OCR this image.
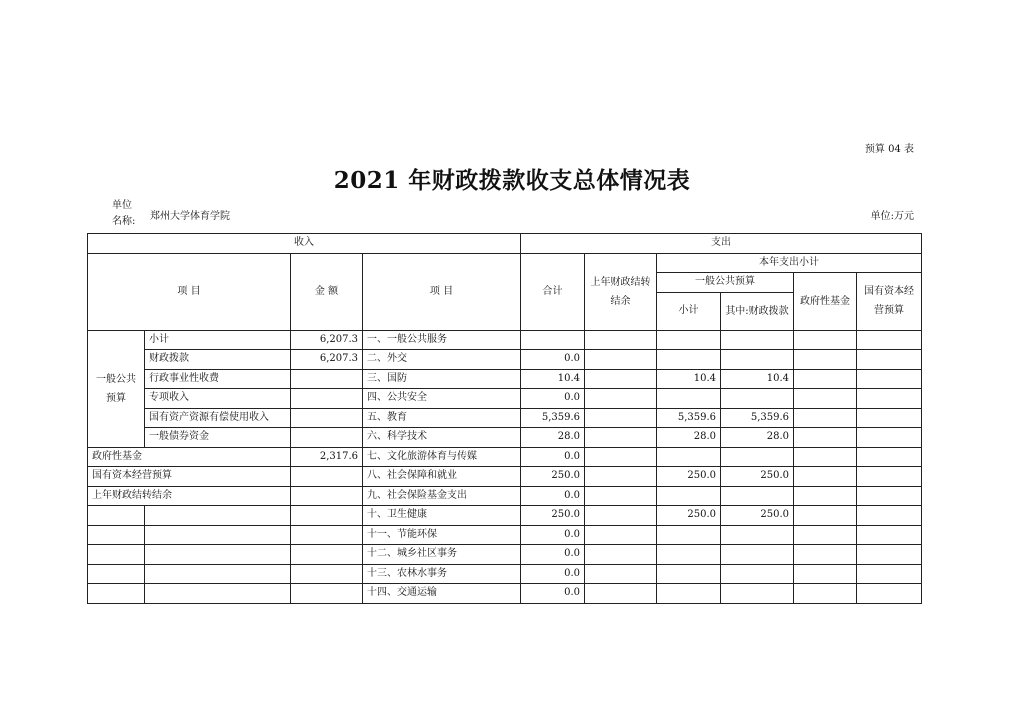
预算 04 表
2021 年财政拨款收支总体情况表
单位名称: 郑州大学体育学院	单位:万元
收入				支出					
项 目		金 额	项 目	合计	上年财政结转结余	本年支出小计			
						一般公共预算		政府性基金	国有资本经营预算
						小计	其中:财政拨款		
一般公共预算	小计	6,207.3	一、一般公共服务						
	财政拨款	6,207.3	二、外交	0.0					
	行政事业性收费		三、国防	10.4		10.4	10.4		
	专项收入		四、公共安全	0.0					
	国有资产资源有偿使用收入		五、教育	5,359.6		5,359.6	5,359.6		
	一般债券资金		六、科学技术	28.0		28.0	28.0		
政府性基金		2,317.6	七、文化旅游体育与传媒	0.0					
国有资本经营预算			八、社会保障和就业	250.0		250.0	250.0		
上年财政结转结余			九、社会保险基金支出	0.0					
			十、卫生健康	250.0		250.0	250.0		
			十一、节能环保	0.0					
			十二、城乡社区事务	0.0					
			十三、农林水事务	0.0					
			十四、交通运输	0.0					
